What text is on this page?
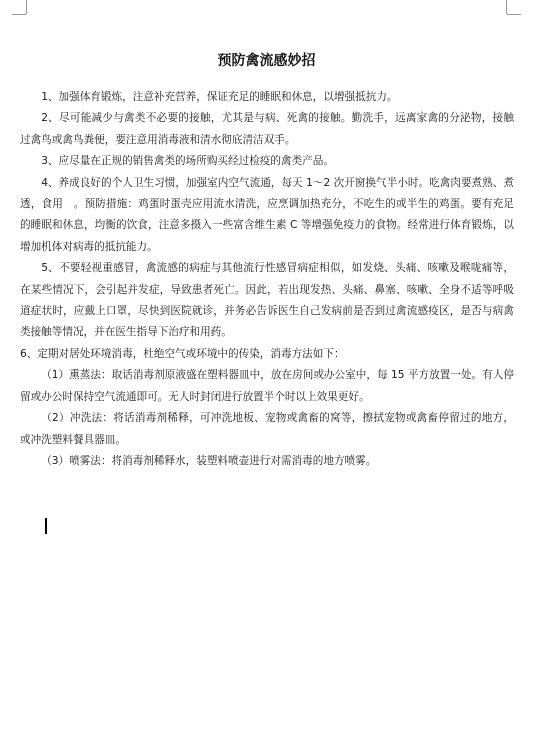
预防禽流感妙招

1、加强体育锻炼，注意补充营养，保证充足的睡眠和休息，以增强抵抗力。

2、尽可能减少与禽类不必要的接触，尤其是与病、死禽的接触。勤洗手，远离家禽的分泌物，接触过禽鸟或禽鸟粪便，要注意用消毒液和清水彻底清洁双手。

3、应尽量在正规的销售禽类的场所购买经过检疫的禽类产品。

4、养成良好的个人卫生习惯，加强室内空气流通，每天 1～2 次开窗换气半小时。吃禽肉要煮熟、煮透，食用　。预防措施：鸡蛋时蛋壳应用流水清洗，应烹调加热充分，不吃生的或半生的鸡蛋。要有充足的睡眠和休息，均衡的饮食，注意多摄入一些富含维生素 C 等增强免疫力的食物。经常进行体育锻炼，以增加机体对病毒的抵抗能力。

5、不要轻视重感冒，禽流感的病症与其他流行性感冒病症相似，如发烧、头痛、咳嗽及喉咙痛等，在某些情况下，会引起并发症，导致患者死亡。因此，若出现发热、头痛、鼻塞、咳嗽、全身不适等呼吸道症状时，应戴上口罩，尽快到医院就诊，并务必告诉医生自己发病前是否到过禽流感疫区，是否与病禽类接触等情况，并在医生指导下治疗和用药。

6、定期对居处环境消毒，杜绝空气或环境中的传染，消毒方法如下：

（1）熏蒸法：取话消毒剂原液盛在塑料器皿中，放在房间或办公室中，每 15 平方放置一处。有人停留或办公时保持空气流通即可。无人时封闭进行放置半个时以上效果更好。

（2）冲洗法：将话消毒剂稀释，可冲洗地板、宠物或禽畜的窝等，擦拭宠物或禽畜停留过的地方，或冲洗塑料餐具器皿。

（3）喷雾法：将消毒剂稀释水，装塑料喷壶进行对需消毒的地方喷雾。
